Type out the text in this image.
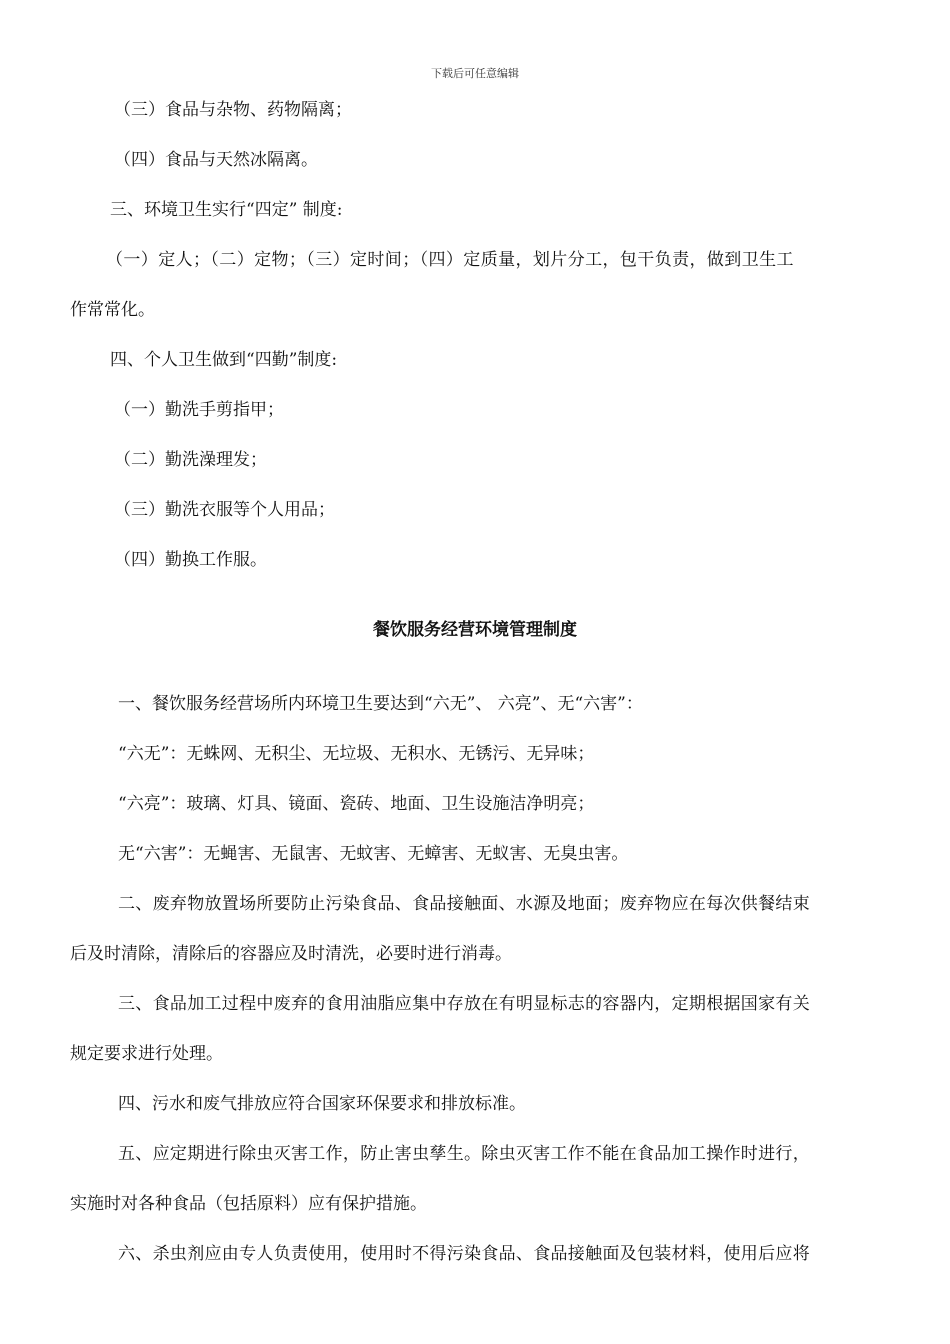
下载后可任意编辑
（三）食品与杂物、药物隔离；
（四）食品与天然冰隔离。
三、环境卫生实行“四定” 制度:
（一）定人；（二）定物；（三）定时间；（四）定质量，划片分工，包干负责，做到卫生工
作常常化。
四、个人卫生做到“四勤”制度:
（一）勤洗手剪指甲；
（二）勤洗澡理发；
（三）勤洗衣服等个人用品；
（四）勤换工作服。
餐饮服务经营环境管理制度
一、餐饮服务经营场所内环境卫生要达到“六无”、 六亮”、无“六害”：
“六无”：无蛛网、无积尘、无垃圾、无积水、无锈污、无异味；
“六亮”：玻璃、灯具、镜面、瓷砖、地面、卫生设施洁净明亮；
无“六害”：无蝇害、无鼠害、无蚊害、无蟑害、无蚁害、无臭虫害。
二、废弃物放置场所要防止污染食品、食品接触面、水源及地面；废弃物应在每次供餐结束
后及时清除，清除后的容器应及时清洗，必要时进行消毒。
三、食品加工过程中废弃的食用油脂应集中存放在有明显标志的容器内，定期根据国家有关
规定要求进行处理。
四、污水和废气排放应符合国家环保要求和排放标准。
五、应定期进行除虫灭害工作，防止害虫孳生。除虫灭害工作不能在食品加工操作时进行，
实施时对各种食品（包括原料）应有保护措施。
六、杀虫剂应由专人负责使用，使用时不得污染食品、食品接触面及包装材料，使用后应将
